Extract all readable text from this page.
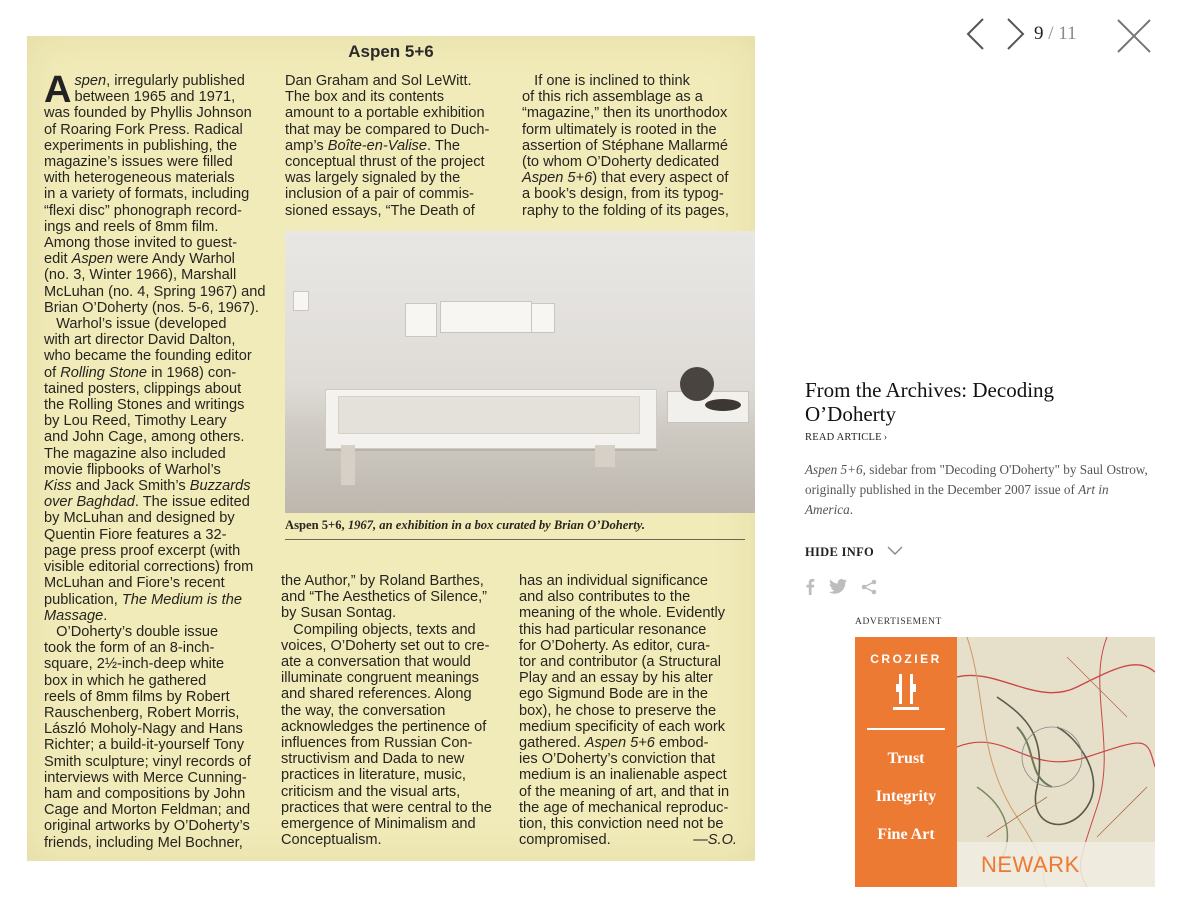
Aspen 5+6
A spen, irregularly published
between 1965 and 1971,
was founded by Phyllis Johnson
of Roaring Fork Press. Radical
experiments in publishing, the
magazine’s issues were filled
with heterogeneous materials
in a variety of formats, including
“flexi disc” phonograph record-
ings and reels of 8mm film.
Among those invited to guest-
edit Aspen were Andy Warhol
(no. 3, Winter 1966), Marshall
McLuhan (no. 4, Spring 1967) and
Brian O’Doherty (nos. 5-6, 1967).
Warhol’s issue (developed
with art director David Dalton,
who became the founding editor
of Rolling Stone in 1968) con-
tained posters, clippings about
the Rolling Stones and writings
by Lou Reed, Timothy Leary
and John Cage, among others.
The magazine also included
movie flipbooks of Warhol’s
Kiss and Jack Smith’s Buzzards
over Baghdad. The issue edited
by McLuhan and designed by
Quentin Fiore features a 32-
page press proof excerpt (with
visible editorial corrections) from
McLuhan and Fiore’s recent
publication, The Medium is the
Massage.
O’Doherty’s double issue
took the form of an 8-inch-
square, 2½-inch-deep white
box in which he gathered
reels of 8mm films by Robert
Rauschenberg, Robert Morris,
László Moholy-Nagy and Hans
Richter; a build-it-yourself Tony
Smith sculpture; vinyl records of
interviews with Merce Cunning-
ham and compositions by John
Cage and Morton Feldman; and
original artworks by O’Doherty’s
friends, including Mel Bochner,
Dan Graham and Sol LeWitt.
The box and its contents
amount to a portable exhibition
that may be compared to Duch-
amp’s Boîte-en-Valise. The
conceptual thrust of the project
was largely signaled by the
inclusion of a pair of commis-
sioned essays, “The Death of
If one is inclined to think
of this rich assemblage as a
“magazine,” then its unorthodox
form ultimately is rooted in the
assertion of Stéphane Mallarmé
(to whom O’Doherty dedicated
Aspen 5+6) that every aspect of
a book’s design, from its typog-
raphy to the folding of its pages,
Aspen 5+6, 1967, an exhibition in a box curated by Brian O’Doherty.
the Author,” by Roland Barthes,
and “The Aesthetics of Silence,”
by Susan Sontag.
Compiling objects, texts and
voices, O’Doherty set out to cre-
ate a conversation that would
illuminate congruent meanings
and shared references. Along
the way, the conversation
acknowledges the pertinence of
influences from Russian Con-
structivism and Dada to new
practices in literature, music,
criticism and the visual arts,
practices that were central to the
emergence of Minimalism and
Conceptualism.
has an individual significance
and also contributes to the
meaning of the whole. Evidently
this had particular resonance
for O’Doherty. As editor, cura-
tor and contributor (a Structural
Play and an essay by his alter
ego Sigmund Bode are in the
box), he chose to preserve the
medium specificity of each work
gathered. Aspen 5+6 embod-
ies O’Doherty’s conviction that
medium is an inalienable aspect
of the meaning of art, and that in
the age of mechanical reproduc-
tion, this conviction need not be
compromised.	—S.O.
9 / 11
From the Archives: Decoding O’Doherty
READ ARTICLE ›

Aspen 5+6, sidebar from "Decoding O'Doherty" by Saul Ostrow, originally published in the December 2007 issue of Art in America.

HIDE INFO

ADVERTISEMENT
CROZIER
Trust
Integrity
Fine Art
NEWARK
